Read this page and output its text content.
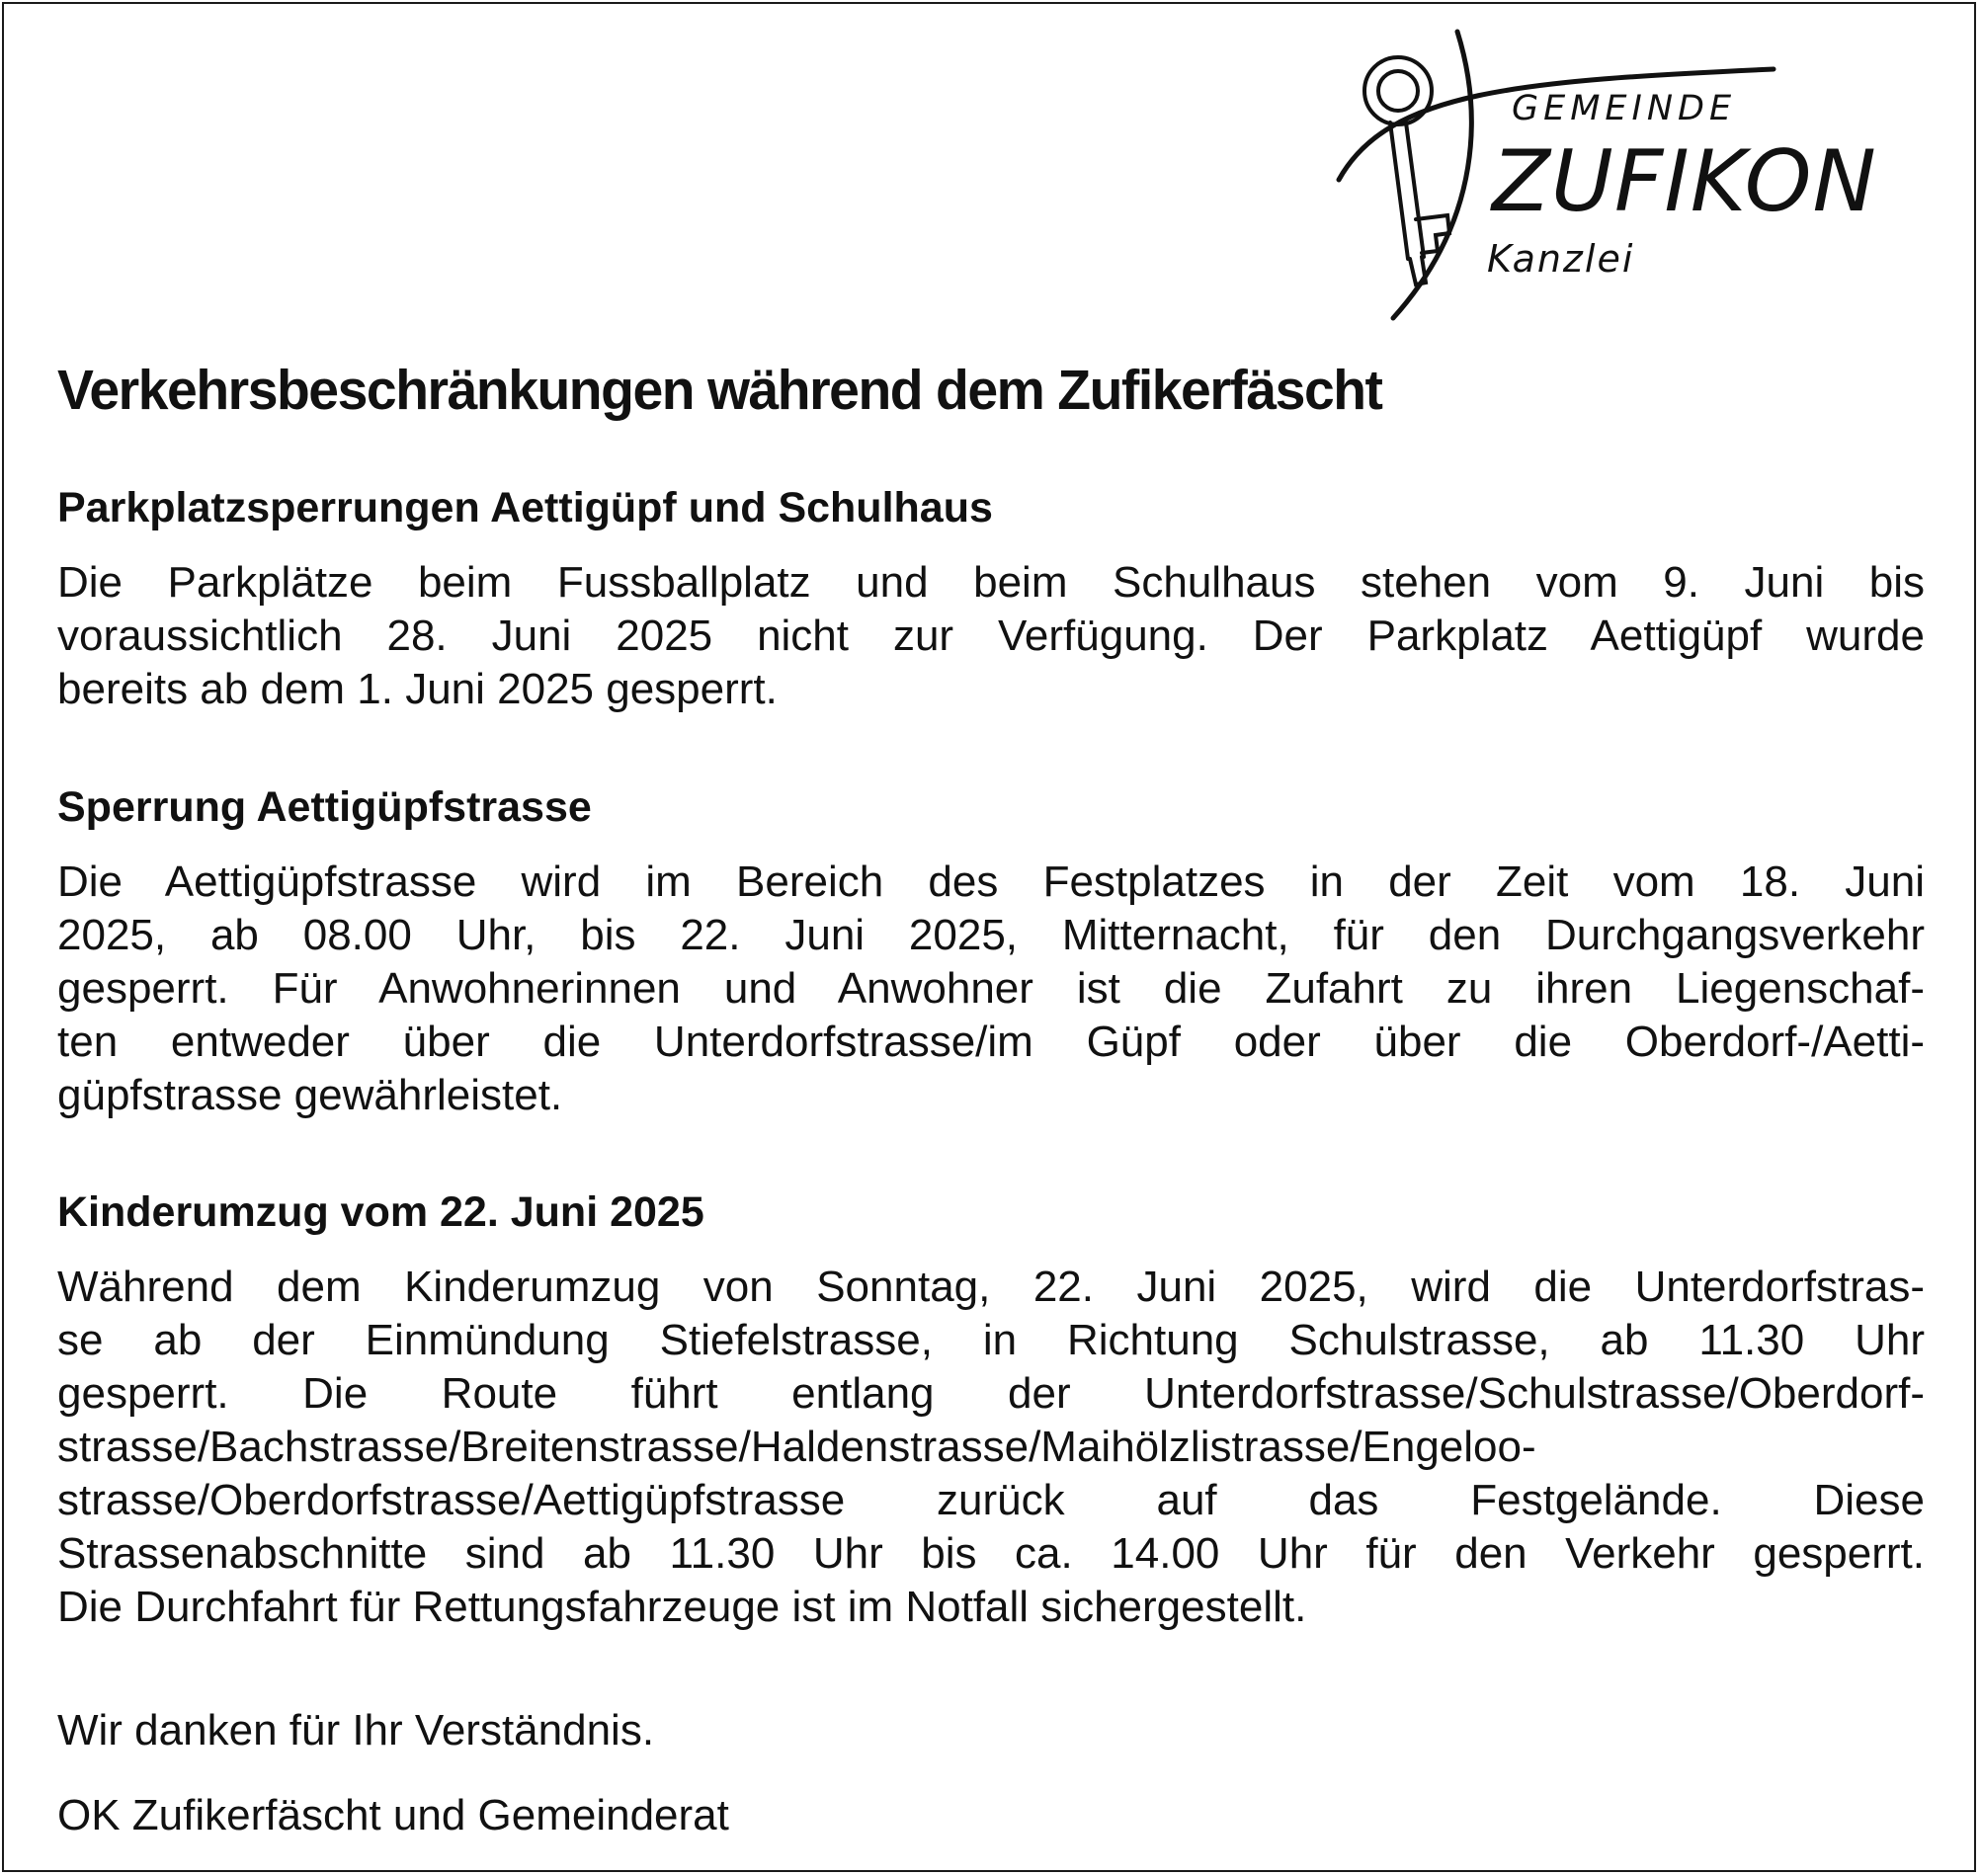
GEMEINDE
ZUFIKON
Kanzlei
Verkehrsbeschränkungen während dem Zufikerfäscht
Parkplatzsperrungen Aettigüpf und Schulhaus
Die Parkplätze beim Fussballplatz und beim Schulhaus stehen vom 9. Juni bis
voraussichtlich 28. Juni 2025 nicht zur Verfügung. Der Parkplatz Aettigüpf wurde
bereits ab dem 1. Juni 2025 gesperrt.
Sperrung Aettigüpfstrasse
Die Aettigüpfstrasse wird im Bereich des Festplatzes in der Zeit vom 18. Juni
2025, ab 08.00 Uhr, bis 22. Juni 2025, Mitternacht, für den Durchgangsverkehr
gesperrt. Für Anwohnerinnen und Anwohner ist die Zufahrt zu ihren Liegenschaf-
ten entweder über die Unterdorfstrasse/im Güpf oder über die Oberdorf-/Aetti-
güpfstrasse gewährleistet.
Kinderumzug vom 22. Juni 2025
Während dem Kinderumzug von Sonntag, 22. Juni 2025, wird die Unterdorfstras-
se ab der Einmündung Stiefelstrasse, in Richtung Schulstrasse, ab 11.30 Uhr
gesperrt. Die Route führt entlang der Unterdorfstrasse/Schulstrasse/Oberdorf-
strasse/Bachstrasse/Breitenstrasse/Haldenstrasse/Maihölzlistrasse/Engeloo-
strasse/Oberdorfstrasse/Aettigüpfstrasse zurück auf das Festgelände. Diese
Strassenabschnitte sind ab 11.30 Uhr bis ca. 14.00 Uhr für den Verkehr gesperrt.
Die Durchfahrt für Rettungsfahrzeuge ist im Notfall sichergestellt.
Wir danken für Ihr Verständnis.
OK Zufikerfäscht und Gemeinderat
